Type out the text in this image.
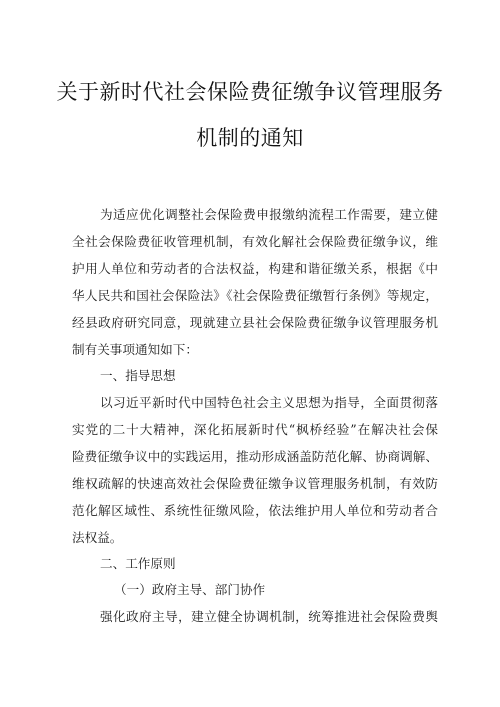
关于新时代社会保险费征缴争议管理服务
机制的通知

为适应优化调整社会保险费申报缴纳流程工作需要，建立健

全社会保险费征收管理机制，有效化解社会保险费征缴争议，维

护用人单位和劳动者的合法权益，构建和谐征缴关系，根据《中

华人民共和国社会保险法》《社会保险费征缴暂行条例》等规定，

经县政府研究同意，现就建立县社会保险费征缴争议管理服务机

制有关事项通知如下：

一、指导思想

以习近平新时代中国特色社会主义思想为指导，全面贯彻落

实党的二十大精神，深化拓展新时代“枫桥经验”在解决社会保

险费征缴争议中的实践运用，推动形成涵盖防范化解、协商调解、

维权疏解的快速高效社会保险费征缴争议管理服务机制，有效防

范化解区域性、系统性征缴风险，依法维护用人单位和劳动者合

法权益。

二、工作原则

（一）政府主导、部门协作

强化政府主导，建立健全协调机制，统筹推进社会保险费舆
